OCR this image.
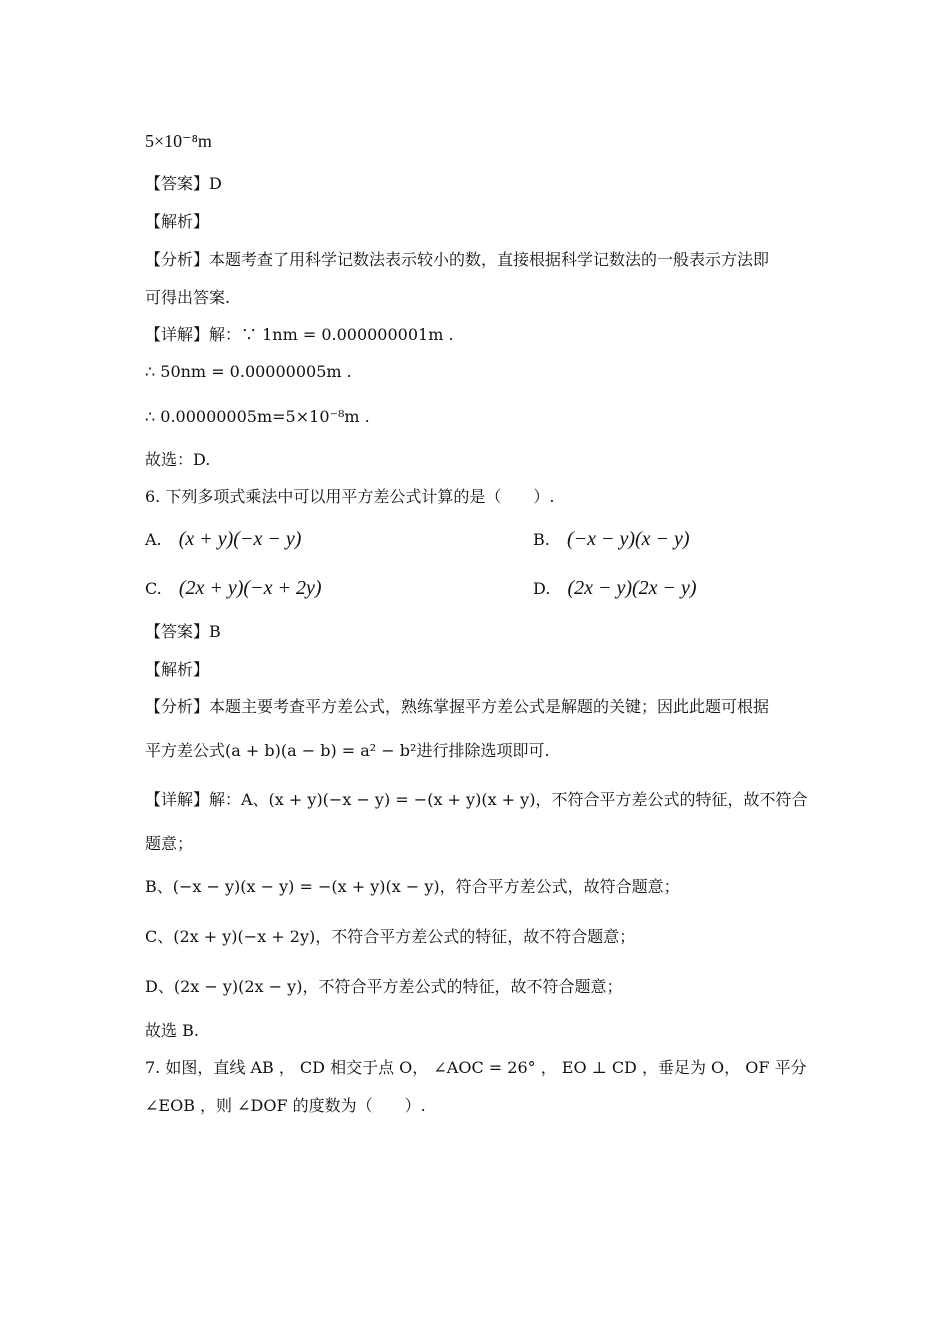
5×10⁻⁸m
【答案】D
【解析】
【分析】本题考查了用科学记数法表示较小的数，直接根据科学记数法的一般表示方法即
可得出答案.
【详解】解：∵ 1nm = 0.000000001m .
∴ 50nm = 0.00000005m .
∴ 0.00000005m=5×10⁻⁸m .
故选：D.
6. 下列多项式乘法中可以用平方差公式计算的是（　　）.
A. (x + y)(−x − y)	B. (−x − y)(x − y)
C. (2x + y)(−x + 2y)	D. (2x − y)(2x − y)
【答案】B
【解析】
【分析】本题主要考查平方差公式，熟练掌握平方差公式是解题的关键；因此此题可根据
平方差公式(a + b)(a − b) = a² − b²进行排除选项即可.
【详解】解：A、(x + y)(−x − y) = −(x + y)(x + y)，不符合平方差公式的特征，故不符合
题意；
B、(−x − y)(x − y) = −(x + y)(x − y)，符合平方差公式，故符合题意；
C、(2x + y)(−x + 2y)，不符合平方差公式的特征，故不符合题意；
D、(2x − y)(2x − y)，不符合平方差公式的特征，故不符合题意；
故选 B.
7. 如图，直线 AB ， CD 相交于点 O， ∠AOC = 26° ， EO ⊥ CD ，垂足为 O， OF 平分
∠EOB ，则 ∠DOF 的度数为（　　）.
